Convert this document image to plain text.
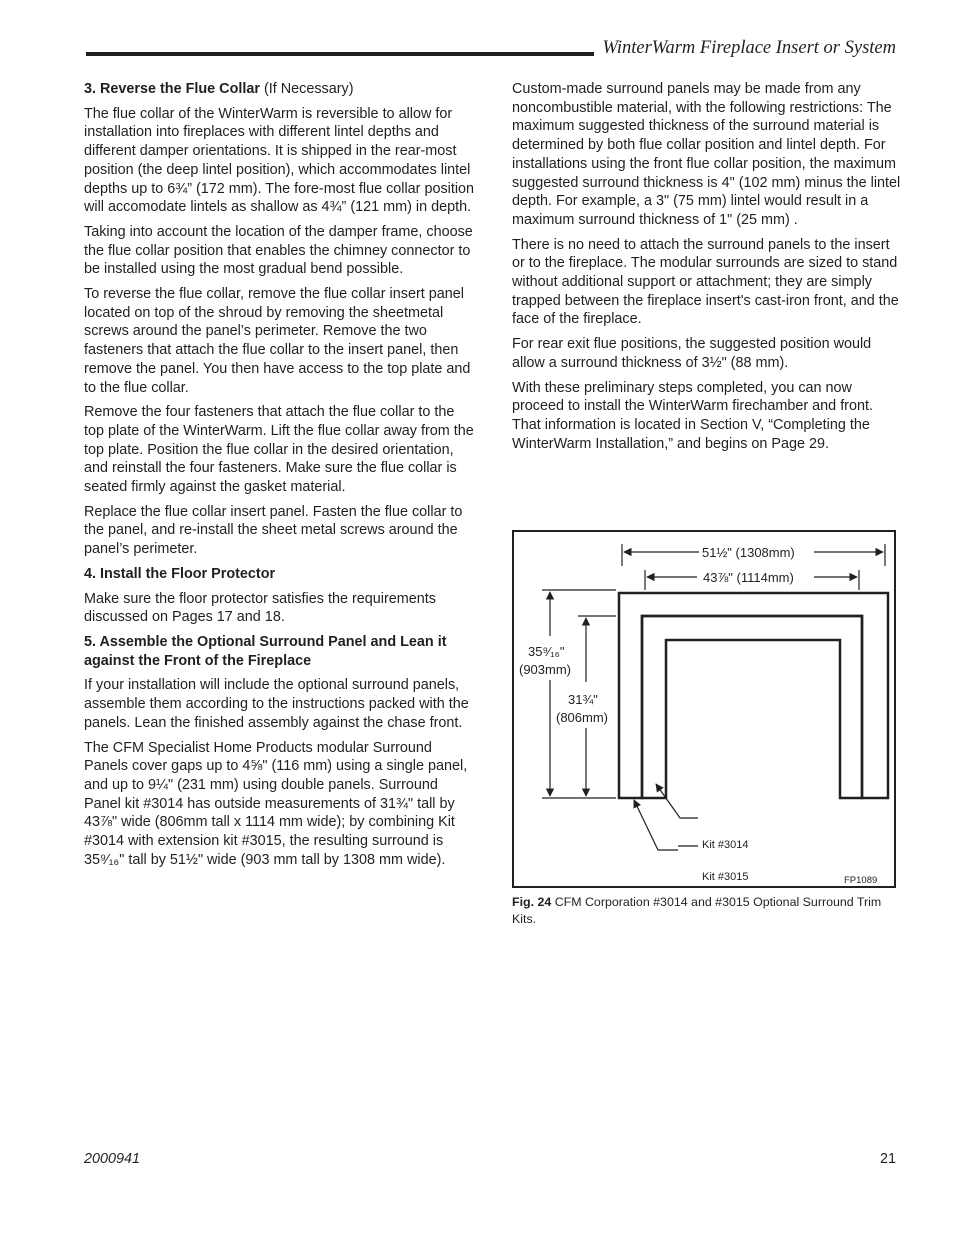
WinterWarm Fireplace Insert or System

3. Reverse the Flue Collar (If Necessary)

The flue collar of the WinterWarm is reversible to allow for installation into fireplaces with different lintel depths and different damper orientations. It is shipped in the rear-most position (the deep lintel position), which accommodates lintel depths up to 6¾” (172 mm). The fore-most flue collar position will accomodate lintels as shallow as 4¾” (121 mm) in depth.

Taking into account the location of the damper frame, choose the flue collar position that enables the chimney connector to be installed using the most gradual bend possible.

To reverse the flue collar, remove the flue collar insert panel located on top of the shroud by removing the sheetmetal screws around the panel’s perimeter. Remove the two fasteners that attach the flue collar to the insert panel, then remove the panel. You then have access to the top plate and to the flue collar.

Remove the four fasteners that attach the flue collar to the top plate of the WinterWarm. Lift the flue collar away from the top plate. Position the flue collar in the desired orientation, and reinstall the four fasteners. Make sure the flue collar is seated firmly against the gasket material.

Replace the flue collar insert panel. Fasten the flue collar to the panel, and re-install the sheet metal screws around the panel’s perimeter.

4. Install the Floor Protector

Make sure the floor protector satisfies the requirements discussed on Pages 17 and 18.

5. Assemble the Optional Surround Panel and Lean it against the Front of the Fireplace

If your installation will include the optional surround panels, assemble them according to the instructions packed with the panels. Lean the finished assembly against the chase front.

The CFM Specialist Home Products modular Surround Panels cover gaps up to 4⅝" (116 mm) using a single panel, and up to 9¼" (231 mm) using double panels. Surround Panel kit #3014 has outside measurements of 31¾" tall by 43⅞" wide (806mm tall x 1114 mm wide); by combining Kit #3014 with extension kit #3015, the resulting surround is 35⁹⁄₁₆" tall by 51½" wide (903 mm tall by 1308 mm wide).

Custom-made surround panels may be made from any noncombustible material, with the following restrictions: The maximum suggested thickness of the surround material is determined by both flue collar position and lintel depth. For installations using the front flue collar position, the maximum suggested surround thickness is 4" (102 mm) minus the lintel depth. For example, a 3" (75 mm) lintel would result in a maximum surround thickness of 1" (25 mm) .

There is no need to attach the surround panels to the insert or to the fireplace. The modular surrounds are sized to stand without additional support or attachment; they are simply trapped between the fireplace insert's cast-iron front, and the face of the fireplace.

For rear exit flue positions, the suggested position would allow a surround thickness of 3½" (88 mm).

With these preliminary steps completed, you can now proceed to install the WinterWarm firechamber and front. That information is located in Section V, “Completing the WinterWarm Installation,” and begins on Page 29.

51½" (1308mm)
43⅞" (1114mm)
35⁹⁄₁₆"
(903mm)
31¾"
(806mm)
Kit #3014
Kit #3015	FP1089
Fig. 24 CFM Corporation #3014 and #3015 Optional Surround Trim Kits.
2000941	21
